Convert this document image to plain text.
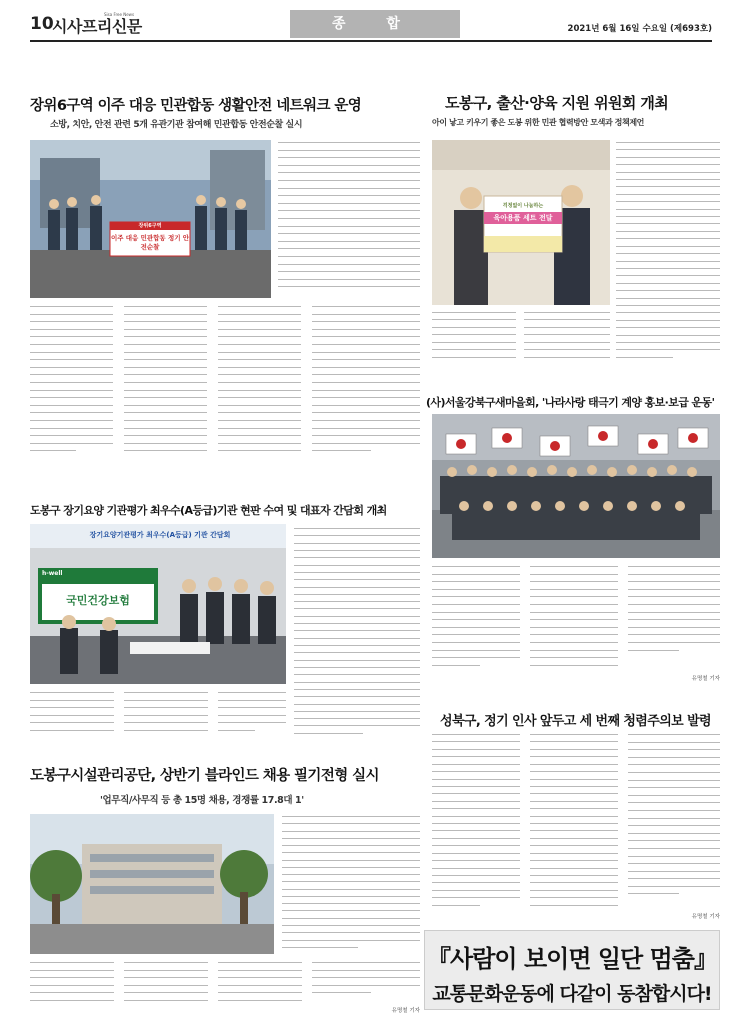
10
시사프리신문
Sisa Free News
종 합	2021년 6월 16일 수요일 (제693호)
장위6구역 이주 대응 민관합동 생활안전 네트워크 운영
소방, 치안, 안전 관련 5개 유관기관 참여해 민관합동 안전순찰 실시
장위6구역
이주 대응 민관합동 정기 안전순찰
도봉구, 출산·양육 지원 위원회 개최
아이 낳고 키우기 좋은 도봉 위한 민관 협력방안 모색과 정책제언
걱정없이 나눔하는
육아용품 세트 전달
(사)서울강북구새마을회, '나라사랑 태극기 계양 홍보·보급 운동'
유명철 기자
도봉구 장기요양 기관평가 최우수(A등급)기관 현판 수여 및 대표자 간담회 개최
장기요양기관평가 최우수(A등급) 기관 간담회
h-well
국민건강보험
성북구, 정기 인사 앞두고 세 번째 청렴주의보 발령
유명철 기자
도봉구시설관리공단, 상반기 블라인드 채용 필기전형 실시
'업무직/사무직 등 총 15명 채용, 경쟁률 17.8대 1'
유명철 기자
『사람이 보이면 일단 멈춤』
교통문화운동에 다같이 동참합시다!
